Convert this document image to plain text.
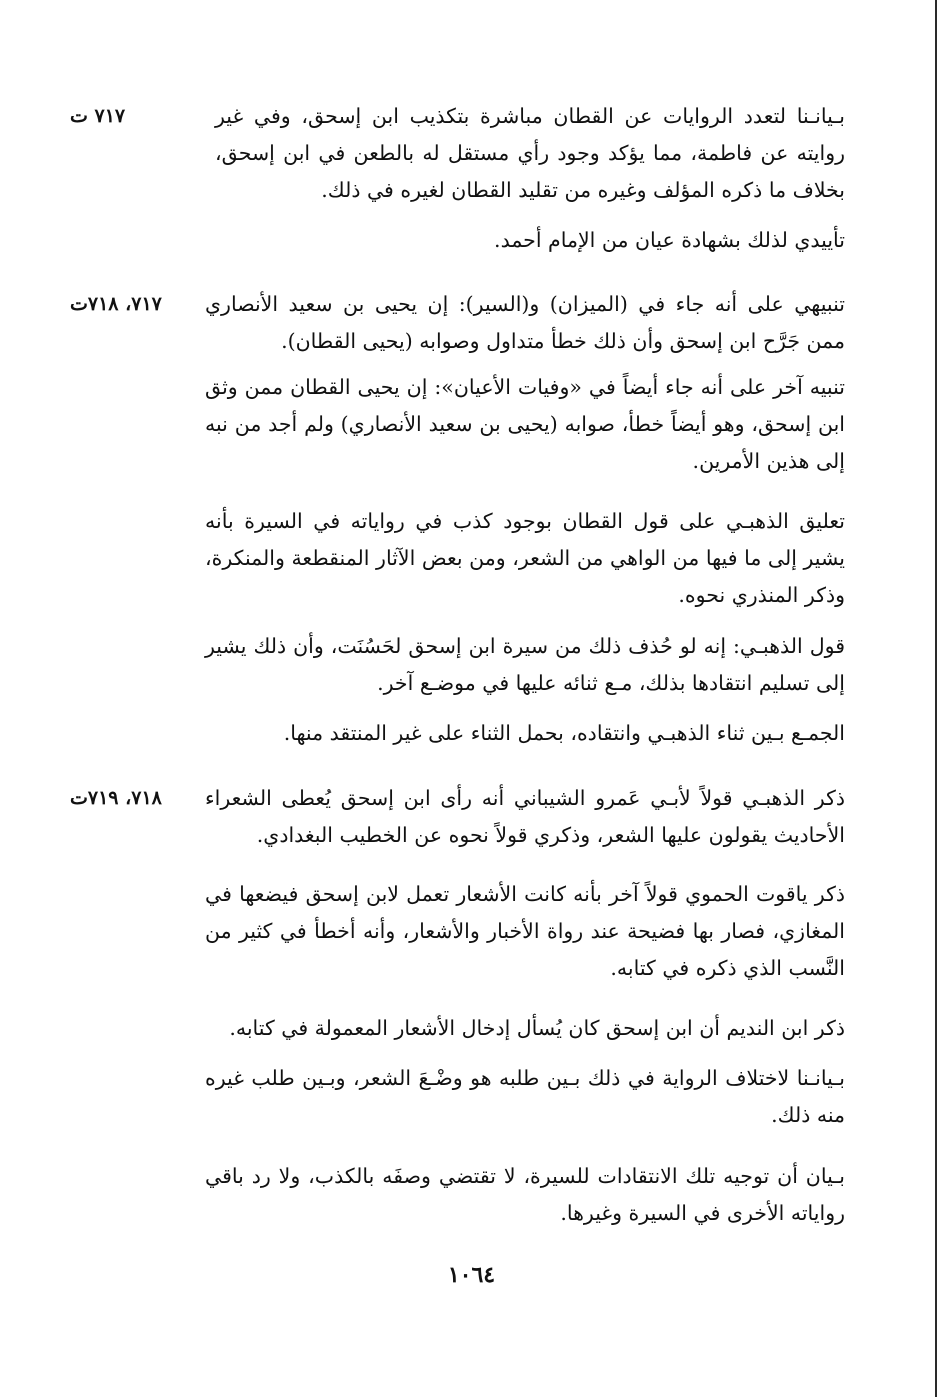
٧١٧ ت	بـيانـنا لتعدد الروايات عن القطان مباشرة بتكذيب ابن إسحق، وفي غير روايته عن فاطمة، مما يؤكد وجود رأي مستقل له بالطعن في ابن إسحق، بخلاف ما ذكره المؤلف وغيره من تقليد القطان لغيره في ذلك.

تأييدي لذلك بشهادة عيان من الإمام أحمد.

٧١٧، ٧١٨ت	تنبيهي على أنه جاء في (الميزان) و(السير): إن يحيى بن سعيد الأنصاري ممن جَرَّح ابن إسحق وأن ذلك خطأ متداول وصوابه (يحيى القطان).

تنبيه آخر على أنه جاء أيضاً في «وفيات الأعيان»: إن يحيى القطان ممن وثق ابن إسحق، وهو أيضاً خطأ، صوابه (يحيى بن سعيد الأنصاري) ولم أجد من نبه إلى هذين الأمرين.

تعليق الذهبـي على قول القطان بوجود كذب في رواياته في السيرة بأنه يشير إلى ما فيها من الواهي من الشعر، ومن بعض الآثار المنقطعة والمنكرة، وذكر المنذري نحوه.

قول الذهبـي: إنه لو حُذف ذلك من سيرة ابن إسحق لحَسُنَت، وأن ذلك يشير إلى تسليم انتقادها بذلك، مـع ثنائه عليها في موضـع آخر.

الجمـع بـين ثناء الذهبـي وانتقاده، بحمل الثناء على غير المنتقد منها.

٧١٨، ٧١٩ت	ذكر الذهبـي قولاً لأبـي عَمرو الشيباني أنه رأى ابن إسحق يُعطى الشعراء الأحاديث يقولون عليها الشعر، وذكري قولاً نحوه عن الخطيب البغدادي.

ذكر ياقوت الحموي قولاً آخر بأنه كانت الأشعار تعمل لابن إسحق فيضعها في المغازي، فصار بها فضيحة عند رواة الأخبار والأشعار، وأنه أخطأ في كثير من النَّسب الذي ذكره في كتابه.

ذكر ابن النديم أن ابن إسحق كان يُسأل إدخال الأشعار المعمولة في كتابه.

بـيانـنا لاختلاف الرواية في ذلك بـين طلبه هو وضْـعَ الشعر، وبـين طلب غيره منه ذلك.

بـيان أن توجيه تلك الانتقادات للسيرة، لا تقتضي وصفَه بالكذب، ولا رد باقي رواياته الأخرى في السيرة وغيرها.

١٠٦٤
